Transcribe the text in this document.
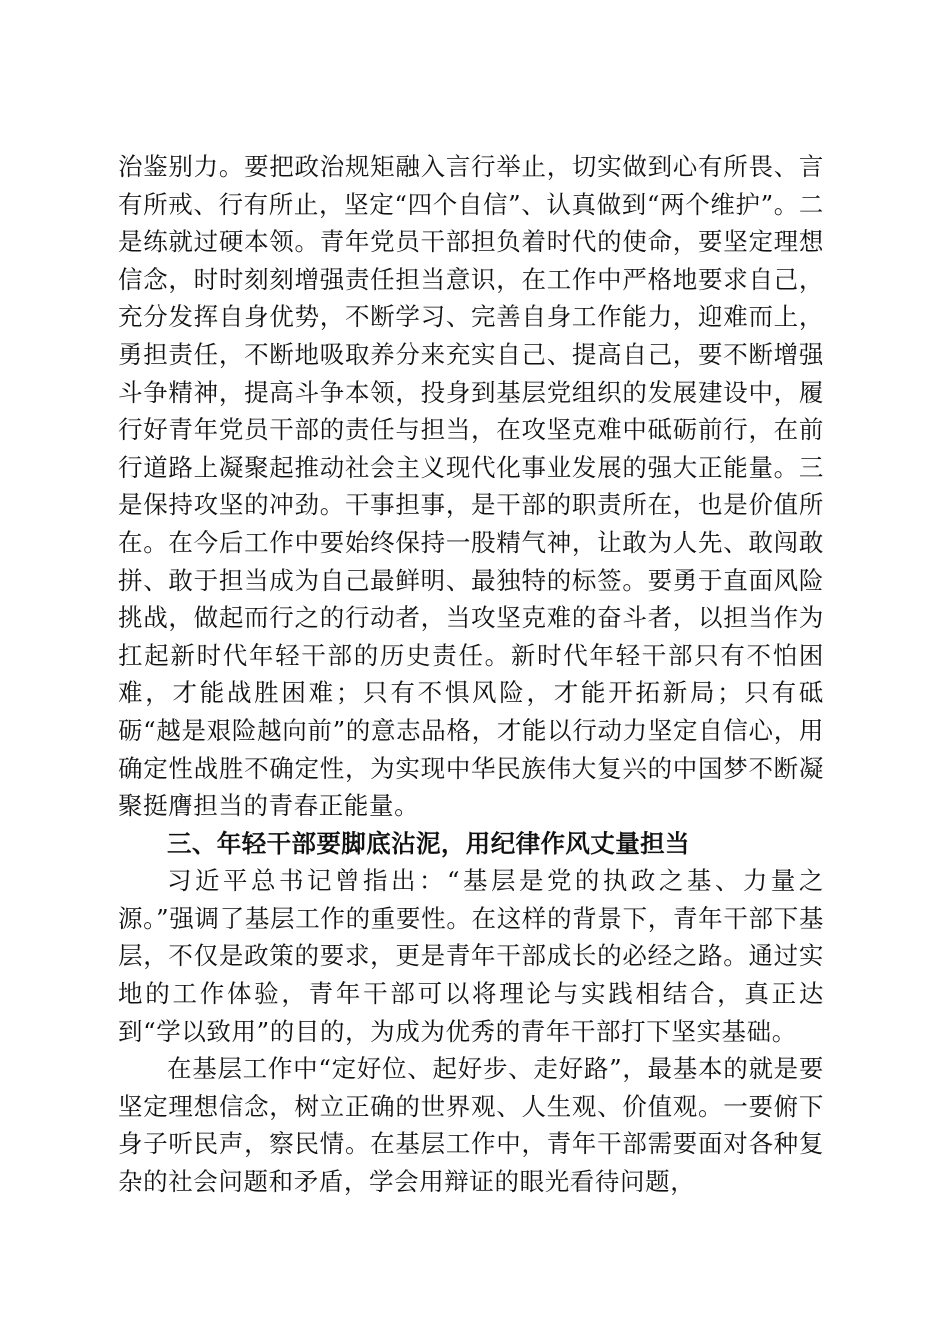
治鉴别力。要把政治规矩融入言行举止，切实做到心有所畏、言有所戒、行有所止，坚定“四个自信”、认真做到“两个维护”。二是练就过硬本领。青年党员干部担负着时代的使命，要坚定理想信念，时时刻刻增强责任担当意识，在工作中严格地要求自己，充分发挥自身优势，不断学习、完善自身工作能力，迎难而上，勇担责任，不断地吸取养分来充实自己、提高自己，要不断增强斗争精神，提高斗争本领，投身到基层党组织的发展建设中，履行好青年党员干部的责任与担当，在攻坚克难中砥砺前行，在前行道路上凝聚起推动社会主义现代化事业发展的强大正能量。三是保持攻坚的冲劲。干事担事，是干部的职责所在，也是价值所在。在今后工作中要始终保持一股精气神，让敢为人先、敢闯敢拼、敢于担当成为自己最鲜明、最独特的标签。要勇于直面风险挑战，做起而行之的行动者，当攻坚克难的奋斗者，以担当作为扛起新时代年轻干部的历史责任。新时代年轻干部只有不怕困难，才能战胜困难；只有不惧风险，才能开拓新局；只有砥砺“越是艰险越向前”的意志品格，才能以行动力坚定自信心，用确定性战胜不确定性，为实现中华民族伟大复兴的中国梦不断凝聚挺膺担当的青春正能量。

三、年轻干部要脚底沾泥，用纪律作风丈量担当

习近平总书记曾指出：“基层是党的执政之基、力量之源。”强调了基层工作的重要性。在这样的背景下，青年干部下基层，不仅是政策的要求，更是青年干部成长的必经之路。通过实地的工作体验，青年干部可以将理论与实践相结合，真正达到“学以致用”的目的，为成为优秀的青年干部打下坚实基础。

在基层工作中“定好位、起好步、走好路”，最基本的就是要坚定理想信念，树立正确的世界观、人生观、价值观。一要俯下身子听民声，察民情。在基层工作中，青年干部需要面对各种复杂的社会问题和矛盾，学会用辩证的眼光看待问题，
